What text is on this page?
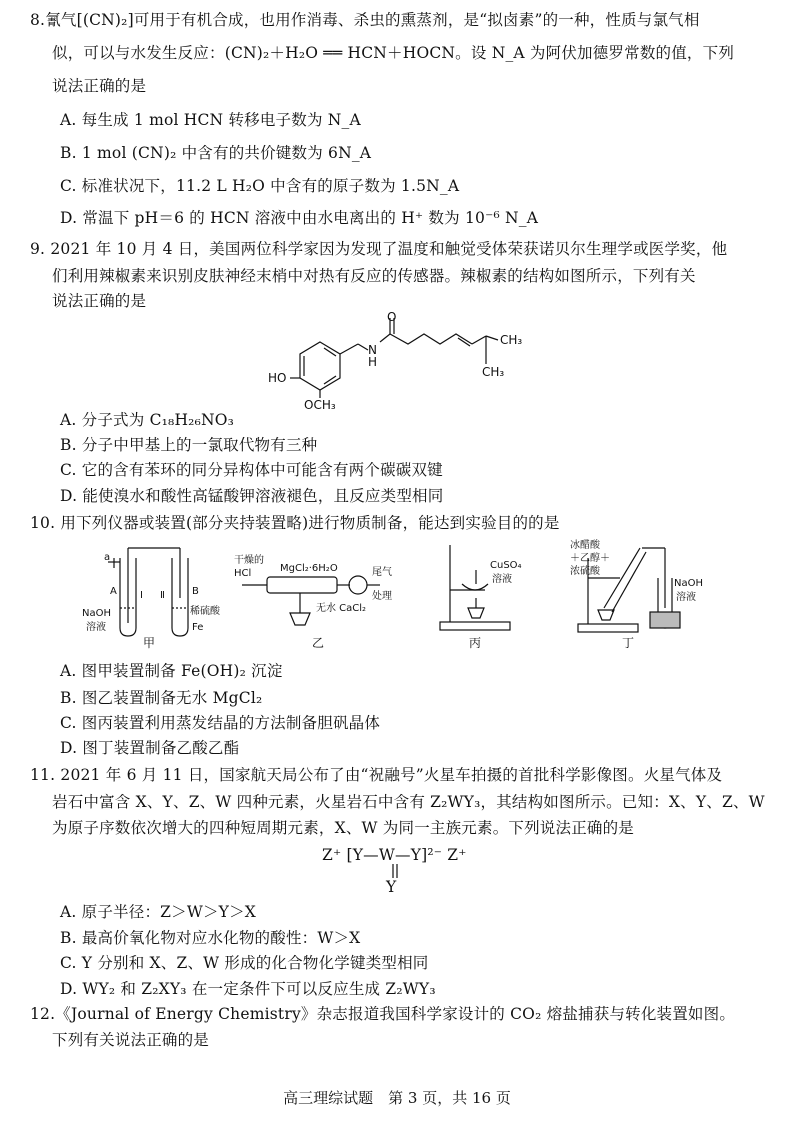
8.氰气[(CN)₂]可用于有机合成，也用作消毒、杀虫的熏蒸剂，是“拟卤素”的一种，性质与氯气相
似，可以与水发生反应：(CN)₂＋H₂O ══ HCN＋HOCN。设 N_A 为阿伏加德罗常数的值，下列
说法正确的是
A. 每生成 1 mol HCN 转移电子数为 N_A
B. 1 mol (CN)₂ 中含有的共价键数为 6N_A
C. 标准状况下，11.2 L H₂O 中含有的原子数为 1.5N_A
D. 常温下 pH＝6 的 HCN 溶液中由水电离出的 H⁺ 数为 10⁻⁶ N_A
9. 2021 年 10 月 4 日，美国两位科学家因为发现了温度和触觉受体荣获诺贝尔生理学或医学奖，他
们利用辣椒素来识别皮肤神经末梢中对热有反应的传感器。辣椒素的结构如图所示，下列有关
说法正确的是
O
N
H
CH₃
CH₃
HO
OCH₃
A. 分子式为 C₁₈H₂₆NO₃
B. 分子中甲基上的一氯取代物有三种
C. 它的含有苯环的同分异构体中可能含有两个碳碳双键
D. 能使溴水和酸性高锰酸钾溶液褪色，且反应类型相同
10. 用下列仪器或装置(部分夹持装置略)进行物质制备，能达到实验目的的是
a
A	B
Ⅰ Ⅱ
NaOH
溶液
稀硫酸
Fe
甲
干燥的
HCl	MgCl₂·6H₂O	尾气
处理
无水 CaCl₂
乙
CuSO₄
溶液
丙
冰醋酸
＋乙醇＋
浓硫酸
NaOH
溶液
丁
A. 图甲装置制备 Fe(OH)₂ 沉淀
B. 图乙装置制备无水 MgCl₂
C. 图丙装置利用蒸发结晶的方法制备胆矾晶体
D. 图丁装置制备乙酸乙酯
11. 2021 年 6 月 11 日，国家航天局公布了由“祝融号”火星车拍摄的首批科学影像图。火星气体及
岩石中富含 X、Y、Z、W 四种元素，火星岩石中含有 Z₂WY₃，其结构如图所示。已知：X、Y、Z、W
为原子序数依次增大的四种短周期元素，X、W 为同一主族元素。下列说法正确的是
Z⁺ [Y—W—Y]²⁻ Z⁺
Y
A. 原子半径：Z＞W＞Y＞X
B. 最高价氧化物对应水化物的酸性：W＞X
C. Y 分别和 X、Z、W 形成的化合物化学键类型相同
D. WY₂ 和 Z₂XY₃ 在一定条件下可以反应生成 Z₂WY₃
12.《Journal of Energy Chemistry》杂志报道我国科学家设计的 CO₂ 熔盐捕获与转化装置如图。
下列有关说法正确的是
高三理综试题　第 3 页，共 16 页
